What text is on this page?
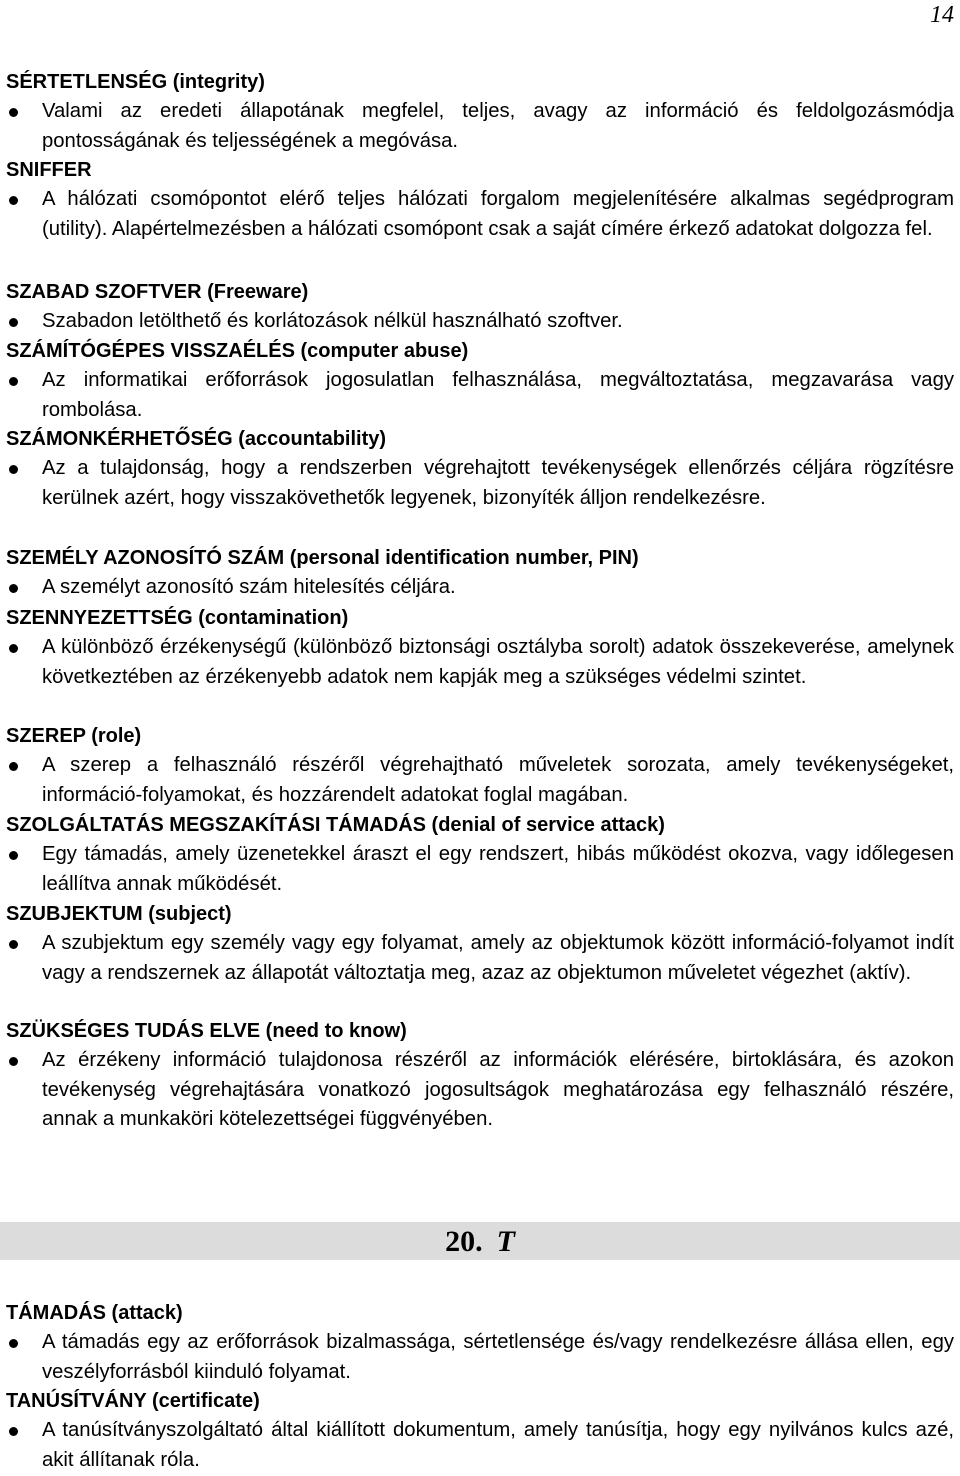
14

SÉRTETLENSÉG (integrity)

Valami az eredeti állapotának megfelel, teljes, avagy az információ és feldolgozásmódja pontosságának és teljességének a megóvása.

SNIFFER

A hálózati csomópontot elérő teljes hálózati forgalom megjelenítésére alkalmas segédprogram (utility). Alapértelmezésben a hálózati csomópont csak a saját címére érkező adatokat dolgozza fel.

SZABAD SZOFTVER (Freeware)

Szabadon letölthető és korlátozások nélkül használható szoftver.

SZÁMÍTÓGÉPES VISSZAÉLÉS (computer abuse)

Az informatikai erőforrások jogosulatlan felhasználása, megváltoztatása, megzavarása vagy rombolása.

SZÁMONKÉRHETŐSÉG (accountability)

Az a tulajdonság, hogy a rendszerben végrehajtott tevékenységek ellenőrzés céljára rögzítésre kerülnek azért, hogy visszakövethetők legyenek, bizonyíték álljon rendelkezésre.

SZEMÉLY AZONOSÍTÓ SZÁM (personal identification number, PIN)

A személyt azonosító szám hitelesítés céljára.

SZENNYEZETTSÉG (contamination)

A különböző érzékenységű (különböző biztonsági osztályba sorolt) adatok összekeverése, amelynek következtében az érzékenyebb adatok nem kapják meg a szükséges védelmi szintet.

SZEREP (role)

A szerep a felhasználó részéről végrehajtható műveletek sorozata, amely tevékenységeket, információ-folyamokat, és hozzárendelt adatokat foglal magában.

SZOLGÁLTATÁS MEGSZAKÍTÁSI TÁMADÁS (denial of service attack)

Egy támadás, amely üzenetekkel áraszt el egy rendszert, hibás működést okozva, vagy időlegesen leállítva annak működését.

SZUBJEKTUM (subject)

A szubjektum egy személy vagy egy folyamat, amely az objektumok között információ-folyamot indít vagy a rendszernek az állapotát változtatja meg, azaz az objektumon műveletet végezhet (aktív).

SZÜKSÉGES TUDÁS ELVE (need to know)

Az érzékeny információ tulajdonosa részéről az információk elérésére, birtoklására, és azokon tevékenység végrehajtására vonatkozó jogosultságok meghatározása egy felhasználó részére, annak a munkaköri kötelezettségei függvényében.

20. T

TÁMADÁS (attack)

A támadás egy az erőforrások bizalmassága, sértetlensége és/vagy rendelkezésre állása ellen, egy veszélyforrásból kiinduló folyamat.

TANÚSÍTVÁNY (certificate)

A tanúsítványszolgáltató által kiállított dokumentum, amely tanúsítja, hogy egy nyilvános kulcs azé, akit állítanak róla.
